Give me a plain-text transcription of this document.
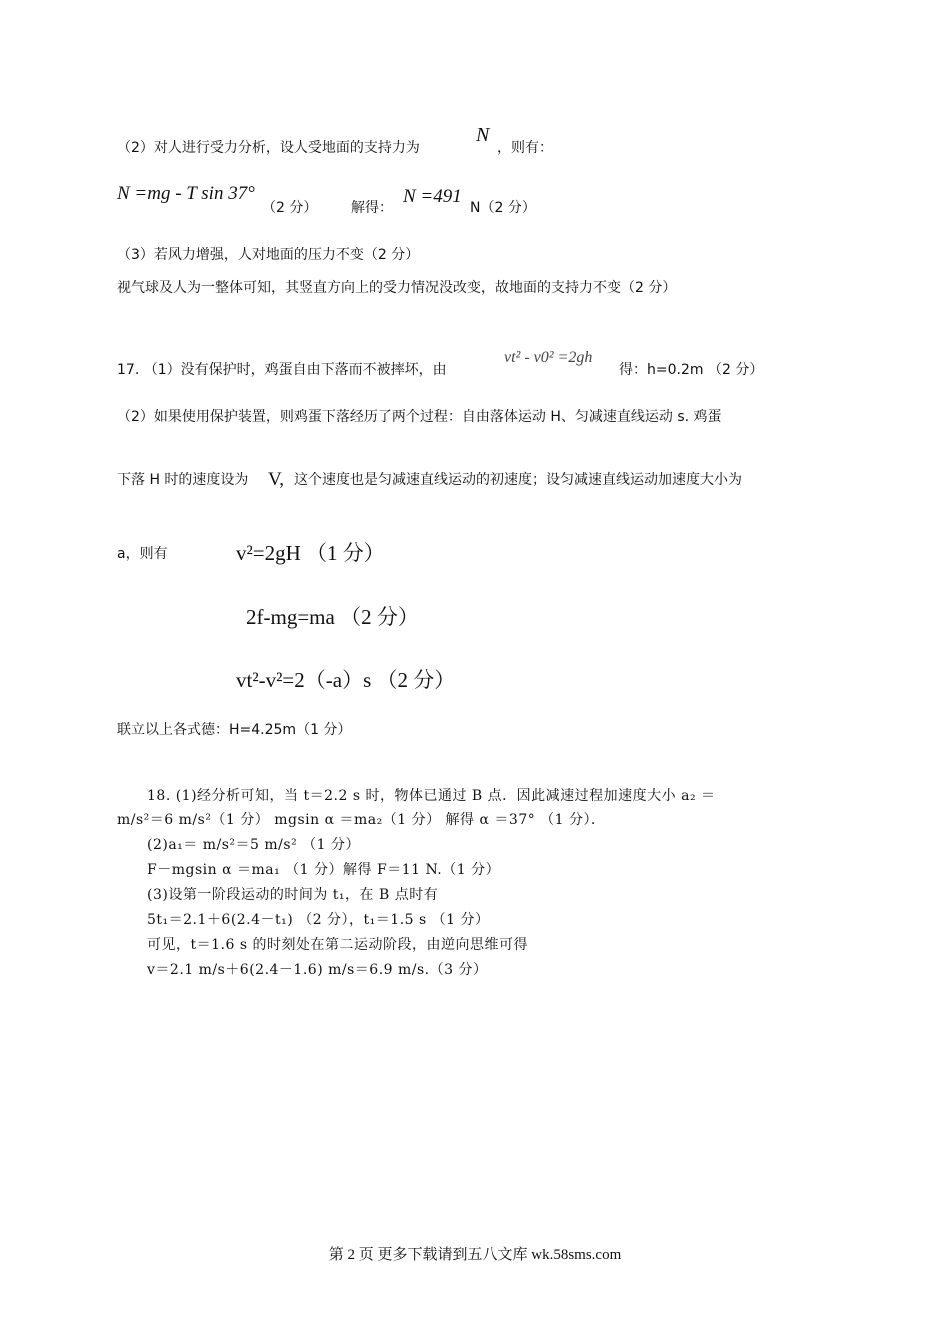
（2）对人进行受力分析，设人受地面的支持力为
N
，则有：
N =mg - T sin 37°
（2 分） 解得：
N =491
N（2 分）
（3）若风力增强，人对地面的压力不变（2 分）
视气球及人为一整体可知，其竖直方向上的受力情况没改变，故地面的支持力不变（2 分）
17. （1）没有保护时，鸡蛋自由下落而不被摔坏，由
vt² - v0² =2gh
得：h=0.2m （2 分）
（2）如果使用保护装置，则鸡蛋下落经历了两个过程：自由落体运动 H、匀减速直线运动 s. 鸡蛋
下落 H 时的速度设为 V, 这个速度也是匀减速直线运动的初速度；设匀减速直线运动加速度大小为
a，则有	v²=2gH （1 分）
2f-mg=ma （2 分）
vt²-v²=2（-a）s （2 分）
联立以上各式德：H=4.25m（1 分）
18. (1)经分析可知，当 t＝2.2 s 时，物体已通过 B 点．因此减速过程加速度大小 a₂ ＝
m/s²＝6 m/s²（1 分） mgsin α ＝ma₂（1 分） 解得 α ＝37° （1 分）．
(2)a₁＝ m/s²＝5 m/s² （1 分）
F－mgsin α ＝ma₁ （1 分）解得 F＝11 N.（1 分）
(3)设第一阶段运动的时间为 t₁，在 B 点时有
5t₁＝2.1＋6(2.4－t₁) （2 分），t₁＝1.5 s （1 分）
可见，t＝1.6 s 的时刻处在第二运动阶段，由逆向思维可得
v＝2.1 m/s＋6(2.4－1.6) m/s＝6.9 m/s.（3 分）
第 2 页 更多下载请到五八文库 wk.58sms.com
